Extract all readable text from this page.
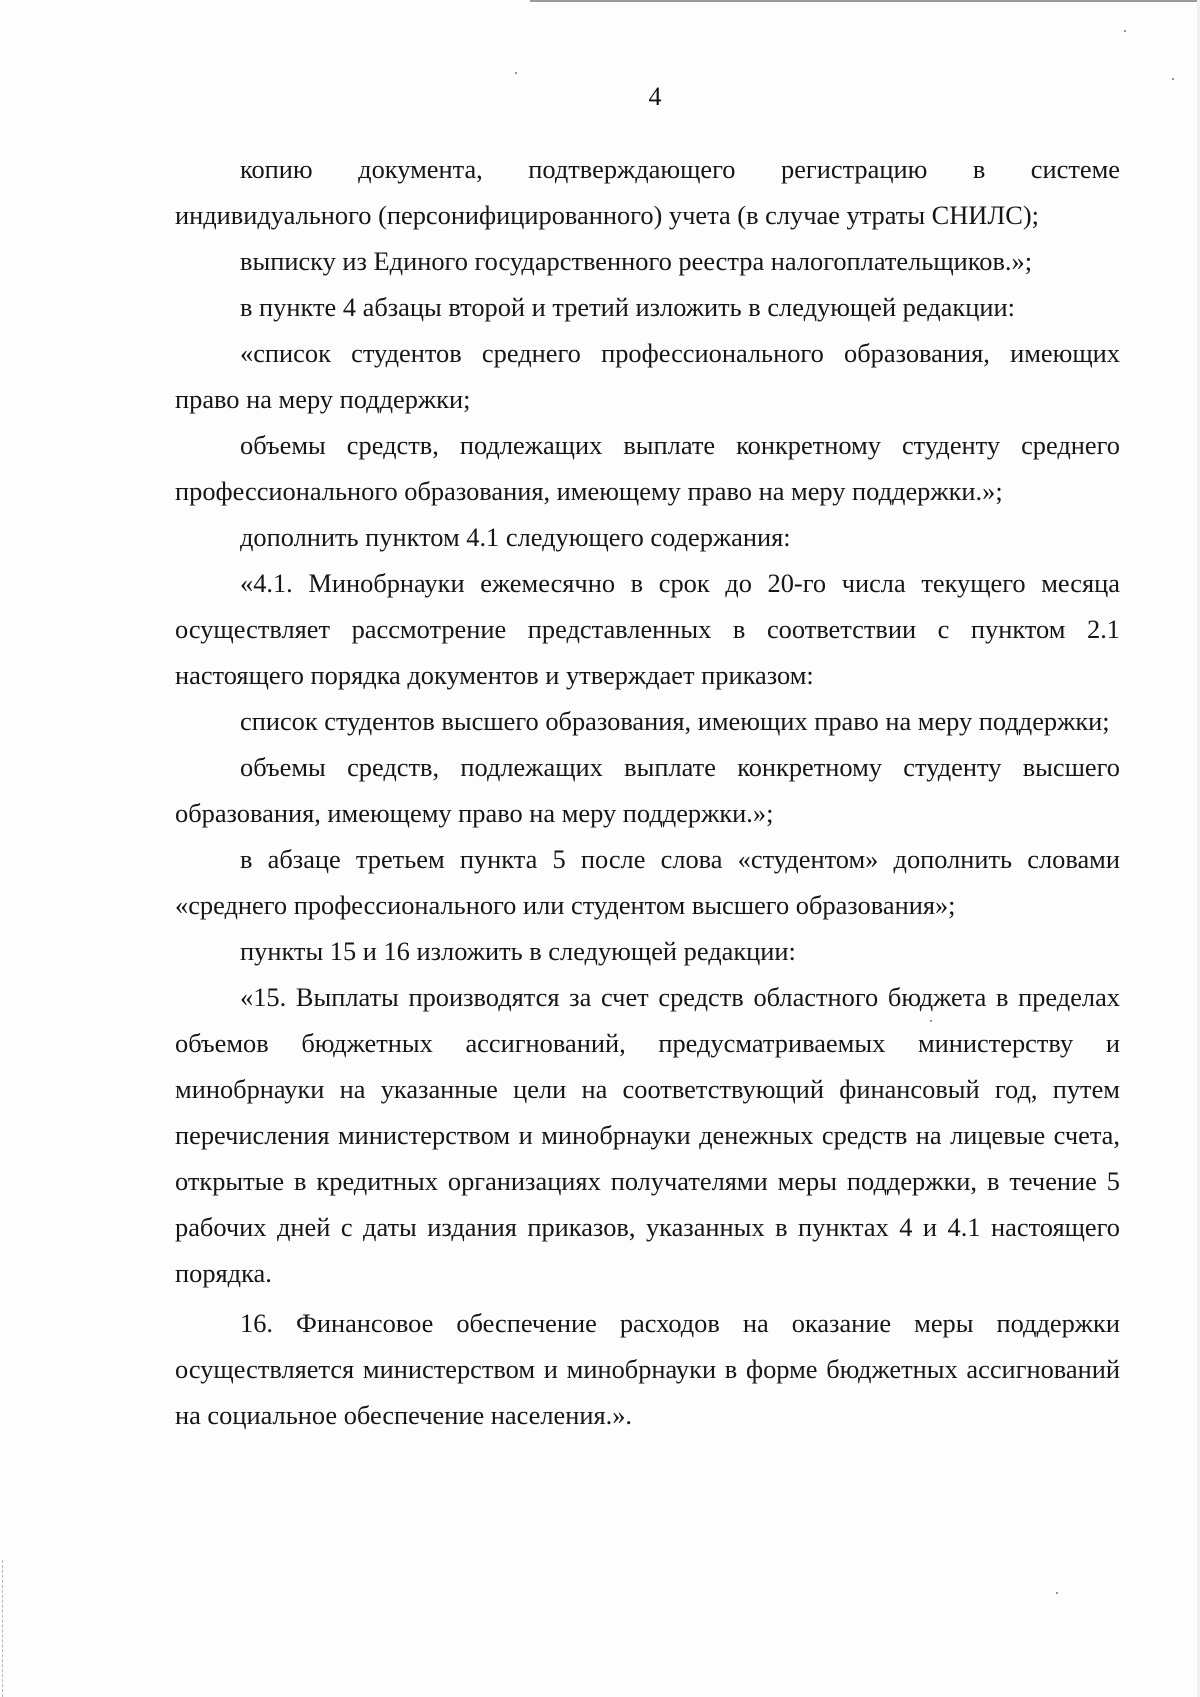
4

копию документа, подтверждающего регистрацию в системе индивидуального (персонифицированного) учета (в случае утраты СНИЛС);

выписку из Единого государственного реестра налогоплательщиков.»;

в пункте 4 абзацы второй и третий изложить в следующей редакции:

«список студентов среднего профессионального образования, имеющих право на меру поддержки;

объемы средств, подлежащих выплате конкретному студенту среднего профессионального образования, имеющему право на меру поддержки.»;

дополнить пунктом 4.1 следующего содержания:

«4.1. Минобрнауки ежемесячно в срок до 20-го числа текущего месяца осуществляет рассмотрение представленных в соответствии с пунктом 2.1 настоящего порядка документов и утверждает приказом:

список студентов высшего образования, имеющих право на меру поддержки;

объемы средств, подлежащих выплате конкретному студенту высшего образования, имеющему право на меру поддержки.»;

в абзаце третьем пункта 5 после слова «студентом» дополнить словами «среднего профессионального или студентом высшего образования»;

пункты 15 и 16 изложить в следующей редакции:

«15. Выплаты производятся за счет средств областного бюджета в пределах объемов бюджетных ассигнований, предусматриваемых министерству и минобрнауки на указанные цели на соответствующий финансовый год, путем перечисления министерством и минобрнауки денежных средств на лицевые счета, открытые в кредитных организациях получателями меры поддержки, в течение 5 рабочих дней с даты издания приказов, указанных в пунктах 4 и 4.1 настоящего порядка.

16. Финансовое обеспечение расходов на оказание меры поддержки осуществляется министерством и минобрнауки в форме бюджетных ассигнований на социальное обеспечение населения.».
